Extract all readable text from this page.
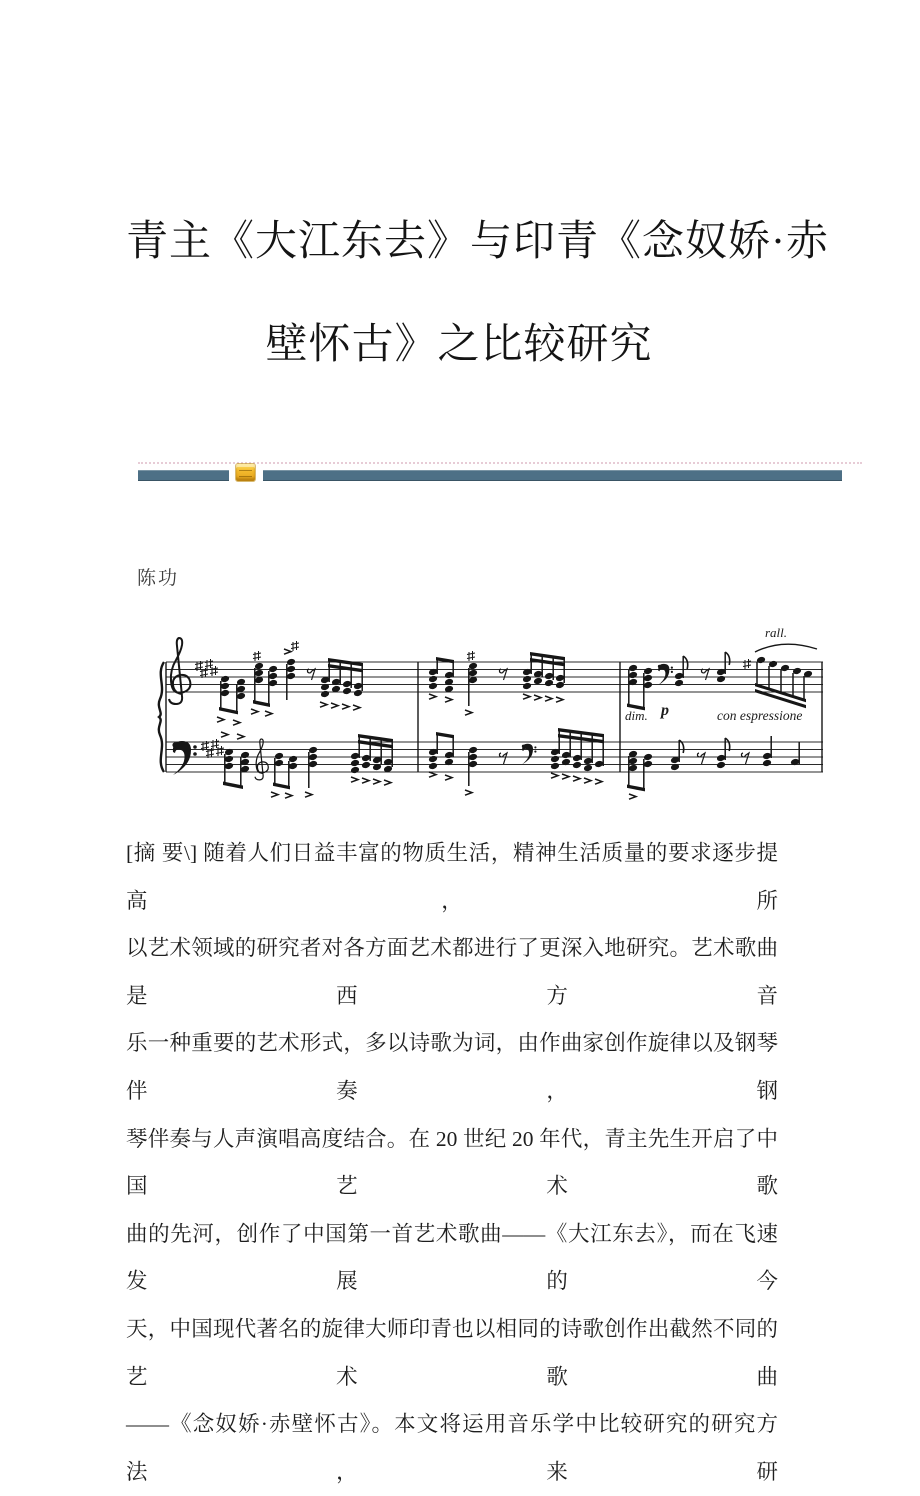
青主《大江东去》与印青《念奴娇·赤
壁怀古》之比较研究
陈功
rall.
dim. p	con espressione
[摘 要\] 随着人们日益丰富的物质生活，精神生活质量的要求逐步提高，所
以艺术领域的研究者对各方面艺术都进行了更深入地研究。艺术歌曲是西方音
乐一种重要的艺术形式，多以诗歌为词，由作曲家创作旋律以及钢琴伴奏，钢
琴伴奏与人声演唱高度结合。在 20 世纪 20 年代，青主先生开启了中国艺术歌
曲的先河，创作了中国第一首艺术歌曲——《大江东去》，而在飞速发展的今
天，中国现代著名的旋律大师印青也以相同的诗歌创作出截然不同的艺术歌曲
——《念奴娇·赤壁怀古》。本文将运用音乐学中比较研究的研究方法，来研
